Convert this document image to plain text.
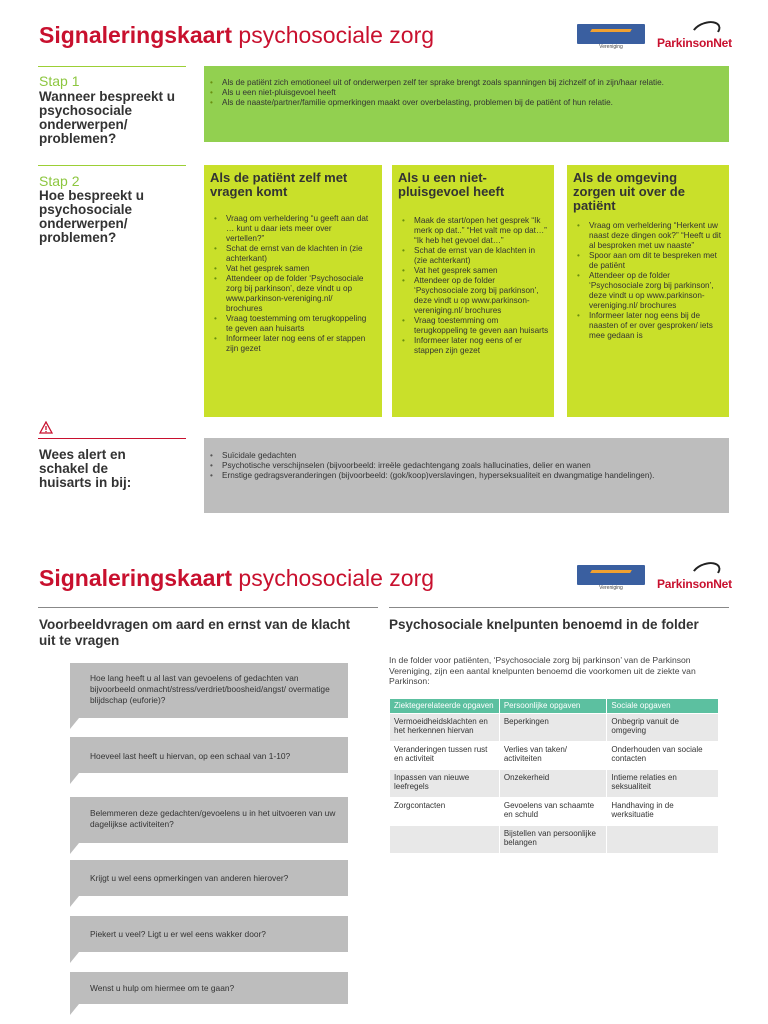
Signaleringskaart psychosociale zorg	Vereniging	ParkinsonNet
Stap 1
Wanneer bespreekt u psychosociale onderwerpen/ problemen?
• Als de patiënt zich emotioneel uit of onderwerpen zelf ter sprake brengt zoals spanningen bij zichzelf of in zijn/haar relatie.
• Als u een niet-pluisgevoel heeft
• Als de naaste/partner/familie opmerkingen maakt over overbelasting, problemen bij de patiënt of hun relatie.
Stap 2
Hoe bespreekt u psychosociale onderwerpen/ problemen?
Als de patiënt zelf met vragen komt
• Vraag om verheldering “u geeft aan dat … kunt u daar iets meer over vertellen?”
• Schat de ernst van de klachten in (zie achterkant)
• Vat het gesprek samen
• Attendeer op de folder ‘Psychosociale zorg bij parkinson’, deze vindt u op www.parkinson-vereniging.nl/ brochures
• Vraag toestemming om terugkoppeling te geven aan huisarts
• Informeer later nog eens of er stappen zijn gezet
Als u een niet-pluisgevoel heeft
• Maak de start/open het gesprek “Ik merk op dat..” “Het valt me op dat…” “Ik heb het gevoel dat…”
• Schat de ernst van de klachten in (zie achterkant)
• Vat het gesprek samen
• Attendeer op de folder ‘Psychosociale zorg bij parkinson’, deze vindt u op www.parkinson-vereniging.nl/ brochures
• Vraag toestemming om terugkoppeling te geven aan huisarts
• Informeer later nog eens of er stappen zijn gezet
Als de omgeving zorgen uit over de patiënt
• Vraag om verheldering “Herkent uw naast deze dingen ook?” “Heeft u dit al besproken met uw naaste”
• Spoor aan om dit te bespreken met de patiënt
• Attendeer op de folder ‘Psychosociale zorg bij parkinson’, deze vindt u op www.parkinson-vereniging.nl/ brochures
• Informeer later nog eens bij de naasten of er over gesproken/ iets mee gedaan is
Wees alert en schakel de huisarts in bij:
• Suïcidale gedachten
• Psychotische verschijnselen (bijvoorbeeld: irreële gedachtengang zoals hallucinaties, delier en wanen
• Ernstige gedragsveranderingen (bijvoorbeeld: (gok/koop)verslavingen, hyperseksualiteit en dwangmatige handelingen).
Signaleringskaart psychosociale zorg	Vereniging	ParkinsonNet
Voorbeeldvragen om aard en ernst van de klacht uit te vragen
Hoe lang heeft u al last van gevoelens of gedachten van bijvoorbeeld onmacht/stress/verdriet/boosheid/angst/ overmatige blijdschap (euforie)?
Hoeveel last heeft u hiervan, op een schaal van 1-10?
Belemmeren deze gedachten/gevoelens u in het uitvoeren van uw dagelijkse activiteiten?
Krijgt u wel eens opmerkingen van anderen hierover?
Piekert u veel? Ligt u er wel eens wakker door?
Wenst u hulp om hiermee om te gaan?
Psychosociale knelpunten benoemd in de folder
In de folder voor patiënten, ‘Psychosociale zorg bij parkinson’ van de Parkinson Vereniging, zijn een aantal knelpunten benoemd die voorkomen uit de ziekte van Parkinson:
Ziektegerelateerde opgaven	Persoonlijke opgaven	Sociale opgaven
Vermoeidheidsklachten en het herkennen hiervan	Beperkingen	Onbegrip vanuit de omgeving
Veranderingen tussen rust en activiteit	Verlies van taken/ activiteiten	Onderhouden van sociale contacten
Inpassen van nieuwe leefregels	Onzekerheid	Intieme relaties en seksualiteit
Zorgcontacten	Gevoelens van schaamte en schuld	Handhaving in de werksituatie
	Bijstellen van persoonlijke belangen	
